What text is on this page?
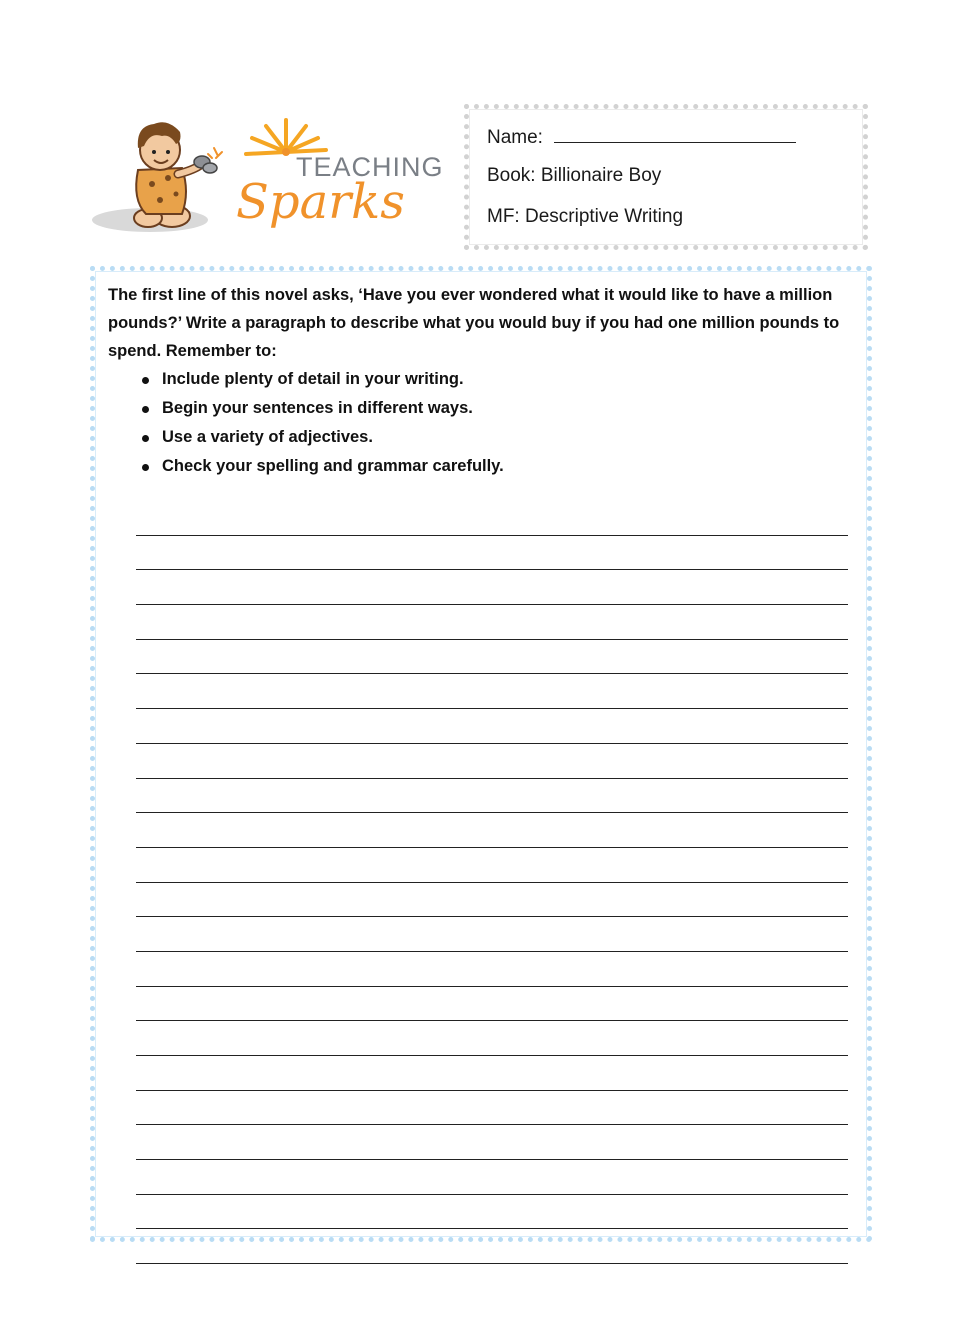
TEACHING
Sparks
Name:
Book: Billionaire Boy
MF: Descriptive Writing
The first line of this novel asks, ‘Have you ever wondered what it would like to have a million pounds?’ Write a paragraph to describe what you would buy if you had one million pounds to spend. Remember to:
Include plenty of detail in your writing.
Begin your sentences in different ways.
Use a variety of adjectives.
Check your spelling and grammar carefully.
